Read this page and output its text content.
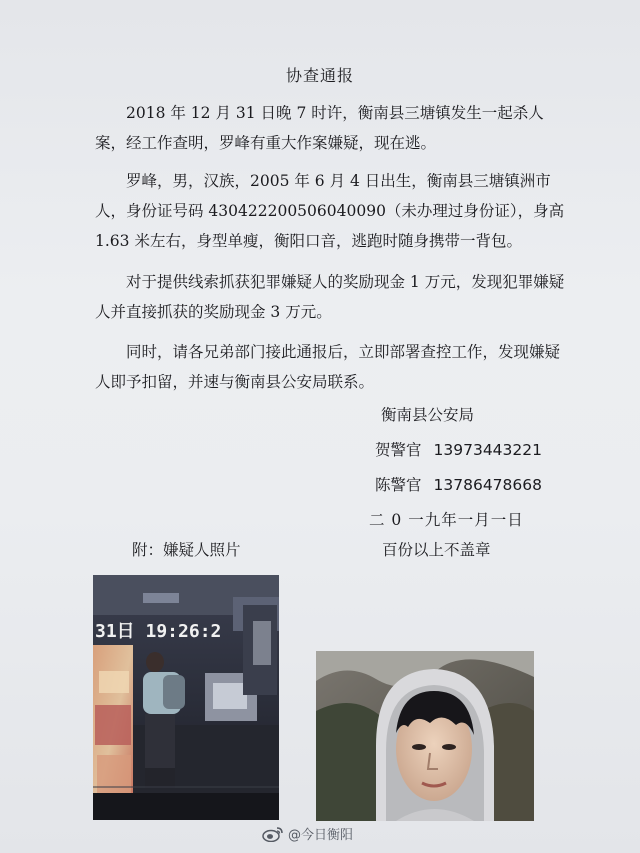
协查通报

2018 年 12 月 31 日晚 7 时许，衡南县三塘镇发生一起杀人案，经工作查明，罗峰有重大作案嫌疑，现在逃。

罗峰，男，汉族，2005 年 6 月 4 日出生，衡南县三塘镇洲市人，身份证号码 430422200506040090（未办理过身份证），身高 1.63 米左右，身型单瘦，衡阳口音，逃跑时随身携带一背包。

对于提供线索抓获犯罪嫌疑人的奖励现金 1 万元，发现犯罪嫌疑人并直接抓获的奖励现金 3 万元。

同时，请各兄弟部门接此通报后，立即部署查控工作，发现嫌疑人即予扣留，并速与衡南县公安局联系。

衡南县公安局
贺警官 13973443221
陈警官 13786478668
二 0 一九年一月一日
附：嫌疑人照片	百份以上不盖章
31日 19:26:2
@今日衡阳
